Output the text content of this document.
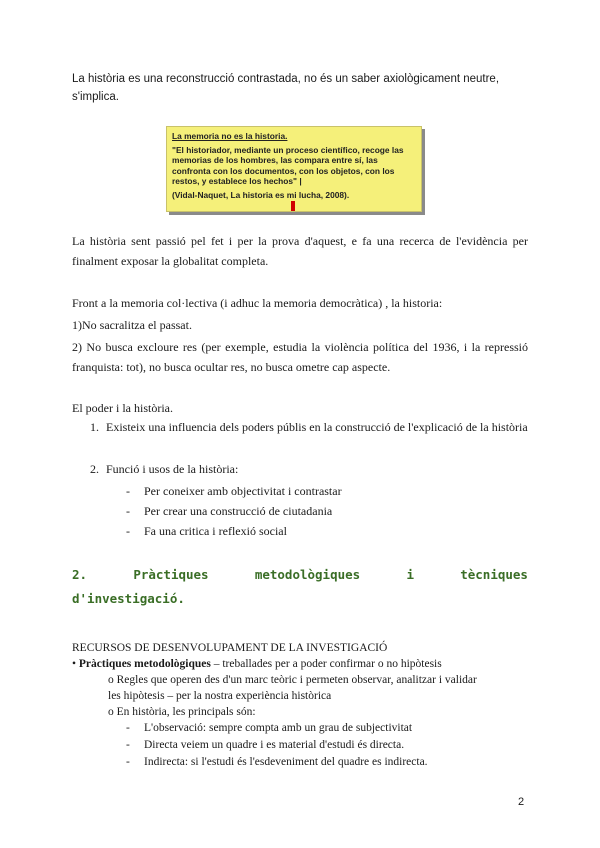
La història es una reconstrucció contrastada, no és un saber axiològicament neutre,
s'implica.
La memoria no es la historia.
"El historiador, mediante un proceso científico, recoge las memorias de los hombres, las compara entre sí, las confronta con los documentos, con los objetos, con los restos, y establece los hechos" |
(Vidal-Naquet, La historia es mi lucha, 2008).
La història sent passió pel fet i per la prova d'aquest, e fa una recerca de l'evidència per finalment exposar la globalitat completa.
Front a la memoria col·lectiva (i adhuc la memoria democràtica) , la historia:
1)No sacralitza el passat.
2) No busca excloure res (per exemple, estudia la violència política del 1936, i la repressió franquista: tot), no busca ocultar res, no busca ometre cap aspecte.
El poder i la història.
1. Existeix una influencia dels poders públis en la construcció de l'explicació de la història
2. Funció i usos de la història:
- Per coneixer amb objectivitat i contrastar
- Per crear una construcció de ciutadania
- Fa una critica i reflexió social
2.	Pràctiques	metodològiques	i	tècniques
d'investigació.
RECURSOS DE DESENVOLUPAMENT DE LA INVESTIGACIÓ
• Pràctiques metodològiques – treballades per a poder confirmar o no hipòtesis
o Regles que operen des d'un marc teòric i permeten observar, analitzar i validar
les hipòtesis – per la nostra experiència històrica
o En història, les principals són:
- L'observació: sempre compta amb un grau de subjectivitat
- Directa veiem un quadre i es material d'estudi és directa.
- Indirecta: si l'estudi és l'esdeveniment del quadre es indirecta.
2
